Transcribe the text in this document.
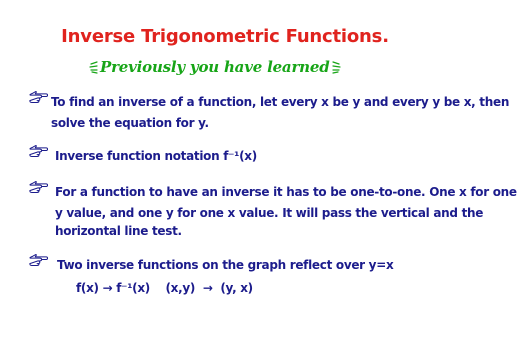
Inverse Trigonometric Functions.
Previously you have learned
To find an inverse of a function, let every x be y and every y be x, then
solve the equation for y.
Inverse function notation f⁻¹(x)
For a function to have an inverse it has to be one-to-one. One x for one
y value, and one y for one x value. It will pass the vertical and the
horizontal line test.
Two inverse functions on the graph reflect over y=x
f(x) → f⁻¹(x)    (x,y)  →  (y, x)
